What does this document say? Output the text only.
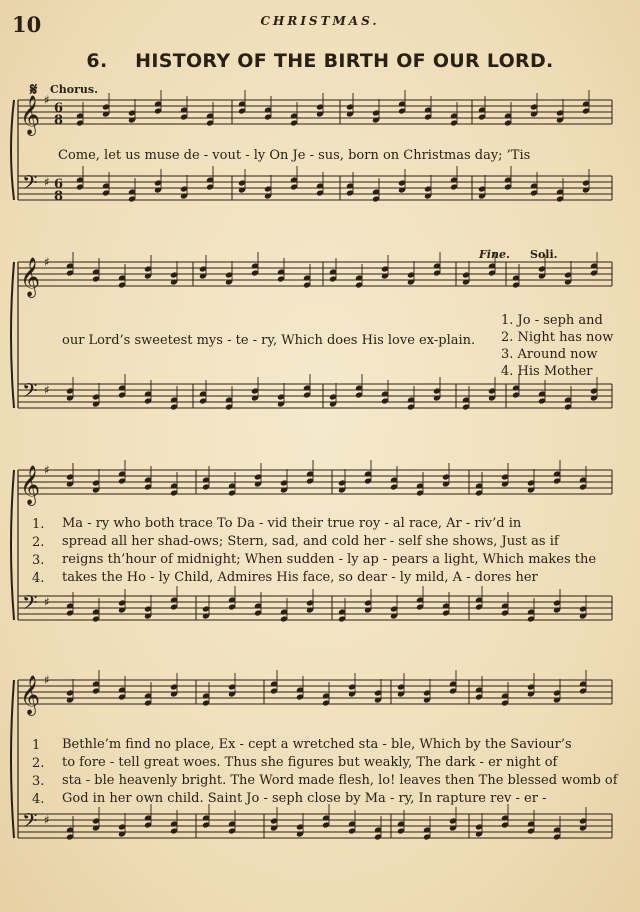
10	CHRISTMAS.
6. HISTORY OF THE BIRTH OF OUR LORD.
𝄋 Chorus.
Fine. Soli.
𝄞
𝄢
♯
♯
6
8
6
8
𝄞
𝄢
♯
♯
𝄞
𝄢
♯
♯
𝄞
𝄢
♯
♯
Come, let us muse de - vout - ly On Je - sus, born on Christmas day; ’Tis
our Lord’s sweetest mys - te - ry, Which does His love ex-plain.
1. Jo - seph and
2. Night has now
3. Around now
4. His Mother
1. Ma - ry who both trace To Da - vid their true roy - al race, Ar - riv’d in
2. spread all her shad-ows; Stern, sad, and cold her - self she shows, Just as if
3. reigns th’hour of midnight; When sudden - ly ap - pears a light, Which makes the
4. takes the Ho - ly Child, Admires His face, so dear - ly mild, A - dores her
1 Bethle’m find no place, Ex - cept a wretched sta - ble, Which by the Saviour’s
2. to fore - tell great woes. Thus she figures but weakly, The dark - er night of
3. sta - ble heavenly bright. The Word made flesh, lo! leaves then The blessed womb of
4. God in her own child. Saint Jo - seph close by Ma - ry, In rapture rev - er -
